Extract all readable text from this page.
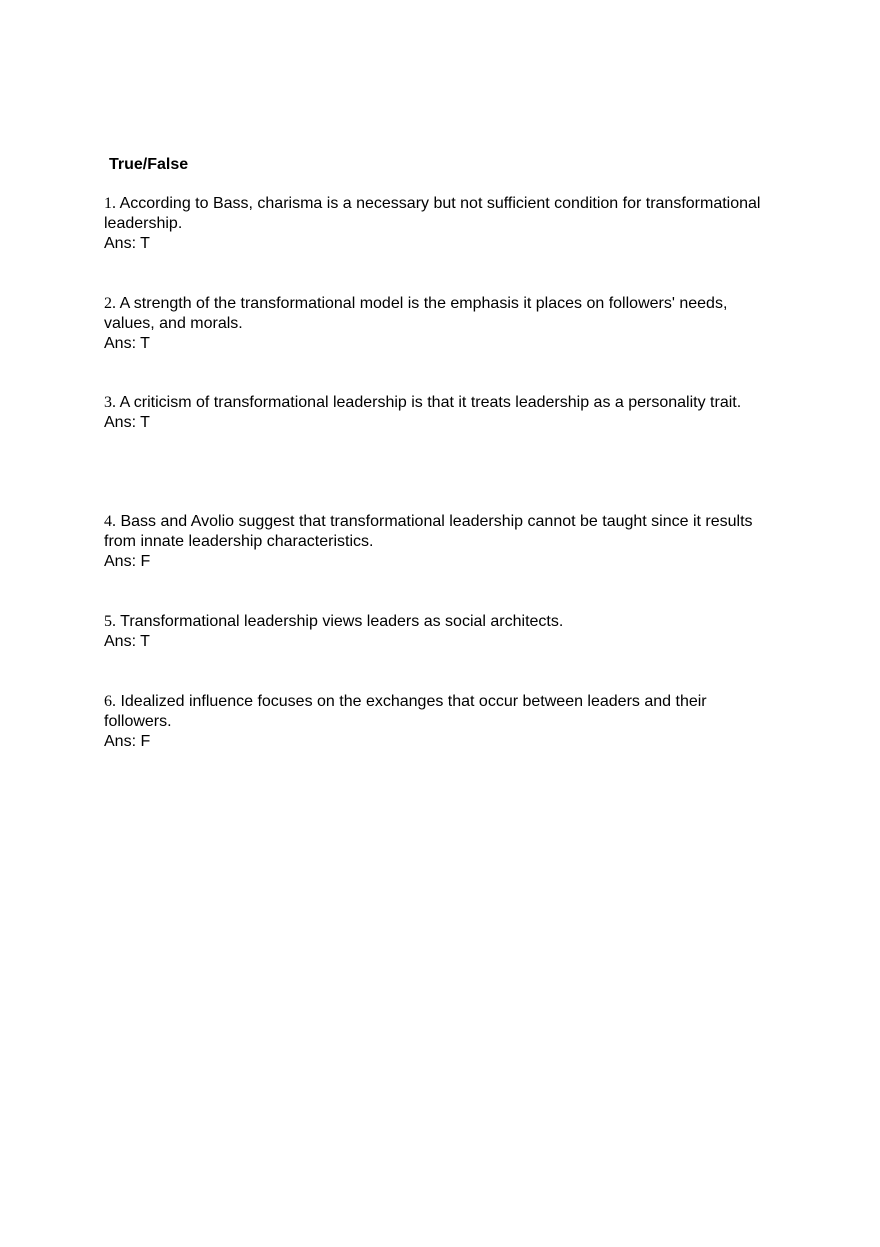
True/False
1. According to Bass, charisma is a necessary but not sufficient condition for transformational leadership.
Ans: T
2. A strength of the transformational model is the emphasis it places on followers' needs, values, and morals.
Ans: T
3. A criticism of transformational leadership is that it treats leadership as a personality trait.
Ans: T
4. Bass and Avolio suggest that transformational leadership cannot be taught since it results from innate leadership characteristics.
Ans: F
5. Transformational leadership views leaders as social architects.
Ans: T
6. Idealized influence focuses on the exchanges that occur between leaders and their followers.
Ans: F
